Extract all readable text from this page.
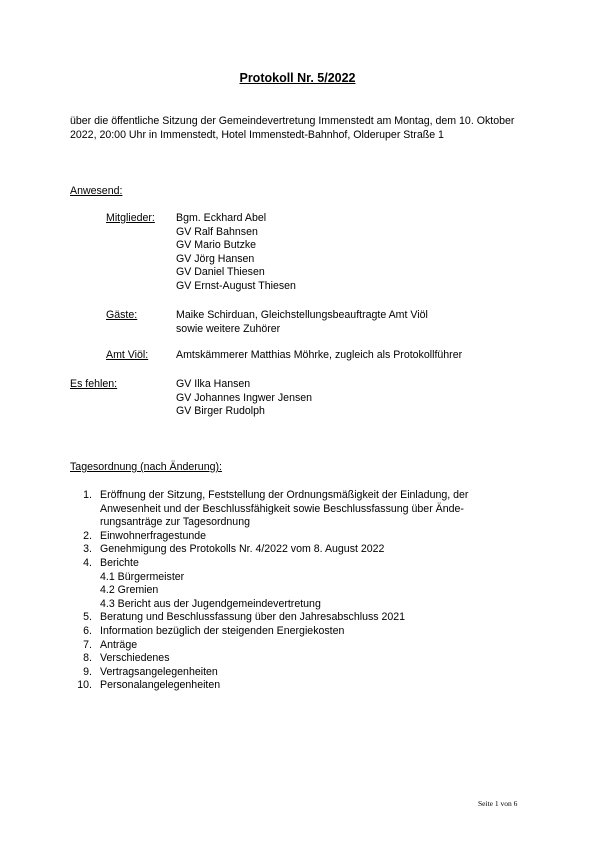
Protokoll Nr. 5/2022
über die öffentliche Sitzung der Gemeindevertretung Immenstedt am Montag, dem 10. Oktober 2022, 20:00 Uhr in Immenstedt, Hotel Immenstedt-Bahnhof, Olderuper Straße 1
Anwesend:
Mitglieder: Bgm. Eckhard Abel
GV Ralf Bahnsen
GV Mario Butzke
GV Jörg Hansen
GV Daniel Thiesen
GV Ernst-August Thiesen
Gäste:	Maike Schirduan, Gleichstellungsbeauftragte Amt Viöl
sowie weitere Zuhörer
Amt Viöl:	Amtskämmerer Matthias Möhrke, zugleich als Protokollführer
Es fehlen:	GV Ilka Hansen
GV Johannes Ingwer Jensen
GV Birger Rudolph
Tagesordnung (nach Änderung):
1. Eröffnung der Sitzung, Feststellung der Ordnungsmäßigkeit der Einladung, der
Anwesenheit und der Beschlussfähigkeit sowie Beschlussfassung über Ände-
rungsanträge zur Tagesordnung
2. Einwohnerfragestunde
3. Genehmigung des Protokolls Nr. 4/2022 vom 8. August 2022
4. Berichte
4.1 Bürgermeister
4.2 Gremien
4.3 Bericht aus der Jugendgemeindevertretung
5. Beratung und Beschlussfassung über den Jahresabschluss 2021
6. Information bezüglich der steigenden Energiekosten
7. Anträge
8. Verschiedenes
9. Vertragsangelegenheiten
10. Personalangelegenheiten
Seite 1 von 6
